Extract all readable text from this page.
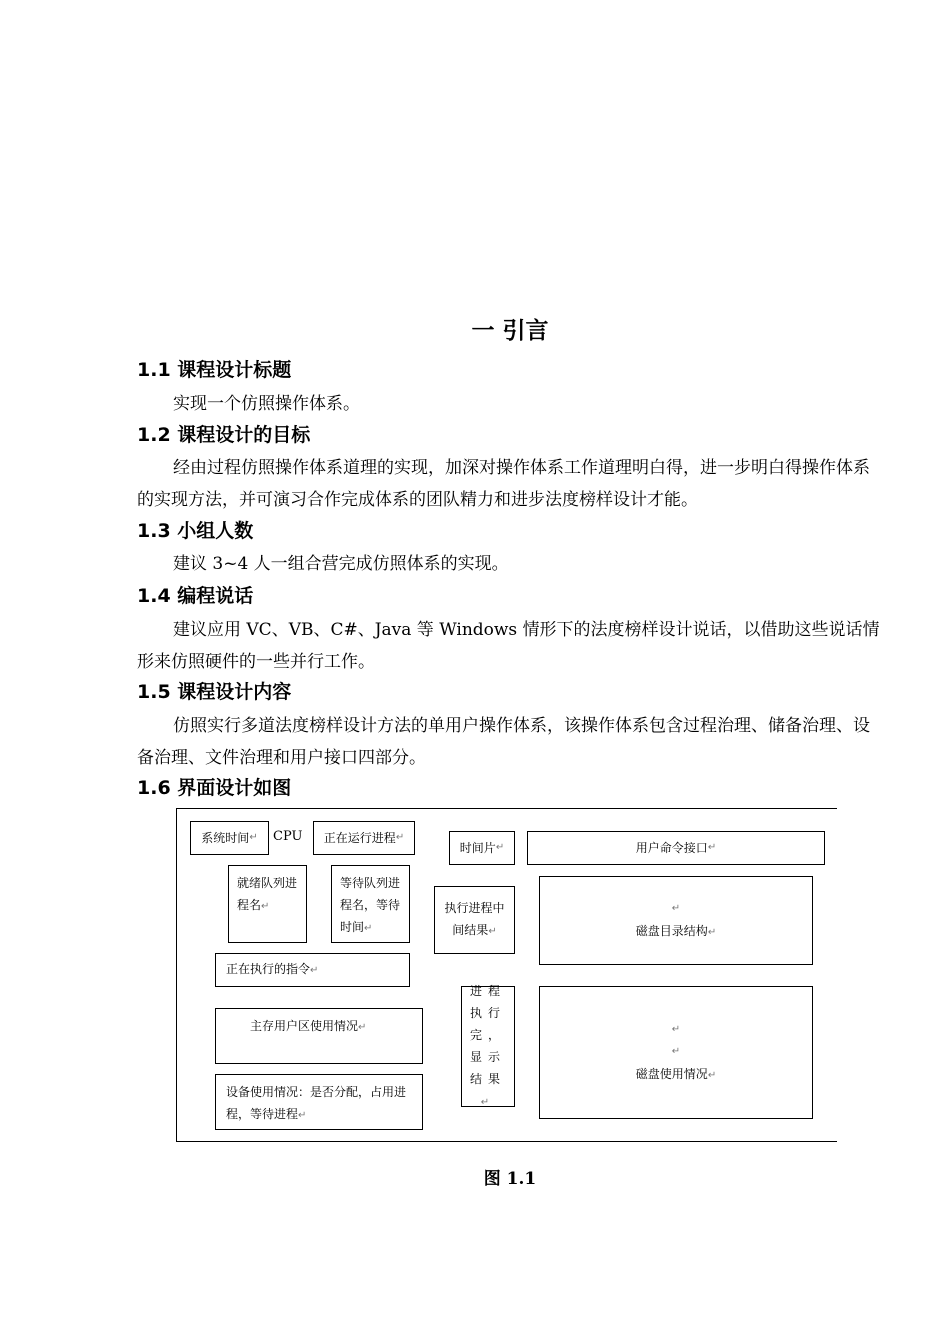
一 引言
1.1 课程设计标题
实现一个仿照操作体系。
1.2 课程设计的目标
经由过程仿照操作体系道理的实现，加深对操作体系工作道理明白得，进一步明白得操作体系的实现方法，并可演习合作完成体系的团队精力和进步法度榜样设计才能。
1.3 小组人数
建议 3~4 人一组合营完成仿照体系的实现。
1.4 编程说话
建议应用 VC、VB、C#、Java 等 Windows 情形下的法度榜样设计说话，以借助这些说话情形来仿照硬件的一些并行工作。
1.5 课程设计内容
仿照实行多道法度榜样设计方法的单用户操作体系，该操作体系包含过程治理、储备治理、设备治理、文件治理和用户接口四部分。
1.6 界面设计如图
系统时间 ↵ CPU 正在运行进程 ↵
时间片 ↵	用户命令接口 ↵
就绪队列进程名↵
等待队列进程名，等待时间↵
执行进程中间结果↵
↵
磁盘目录结构↵
正在执行的指令↵
主存用户区使用情况↵
进程执行完，显示结果↵
↵
↵
磁盘使用情况↵
设备使用情况：是否分配，占用进程，等待进程↵
图 1.1
